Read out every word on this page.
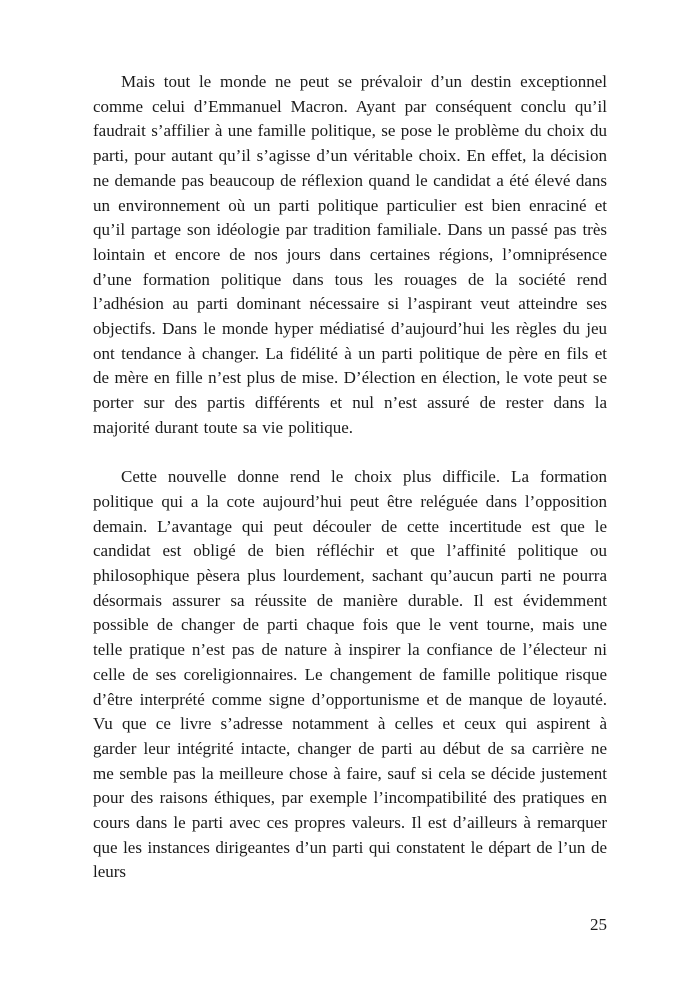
Mais tout le monde ne peut se prévaloir d’un destin exceptionnel comme celui d’Emmanuel Macron. Ayant par conséquent conclu qu’il faudrait s’affilier à une famille politique, se pose le problème du choix du parti, pour autant qu’il s’agisse d’un véritable choix. En effet, la décision ne demande pas beaucoup de réflexion quand le candidat a été élevé dans un environnement où un parti politique particulier est bien enraciné et qu’il partage son idéologie par tradition familiale. Dans un passé pas très lointain et encore de nos jours dans certaines régions, l’omniprésence d’une formation politique dans tous les rouages de la société rend l’adhésion au parti dominant nécessaire si l’aspirant veut atteindre ses objectifs. Dans le monde hyper médiatisé d’aujourd’hui les règles du jeu ont tendance à changer. La fidélité à un parti politique de père en fils et de mère en fille n’est plus de mise. D’élection en élection, le vote peut se porter sur des partis différents et nul n’est assuré de rester dans la majorité durant toute sa vie politique.

Cette nouvelle donne rend le choix plus difficile. La formation politique qui a la cote aujourd’hui peut être reléguée dans l’opposition demain. L’avantage qui peut découler de cette incertitude est que le candidat est obligé de bien réfléchir et que l’affinité politique ou philosophique pèsera plus lourdement, sachant qu’aucun parti ne pourra désormais assurer sa réussite de manière durable. Il est évidemment possible de changer de parti chaque fois que le vent tourne, mais une telle pratique n’est pas de nature à inspirer la confiance de l’électeur ni celle de ses coreligionnaires. Le changement de famille politique risque d’être interprété comme signe d’opportunisme et de manque de loyauté. Vu que ce livre s’adresse notamment à celles et ceux qui aspirent à garder leur intégrité intacte, changer de parti au début de sa carrière ne me semble pas la meilleure chose à faire, sauf si cela se décide justement pour des raisons éthiques, par exemple l’incompatibilité des pratiques en cours dans le parti avec ces propres valeurs. Il est d’ailleurs à remarquer que les instances dirigeantes d’un parti qui constatent le départ de l’un de leurs

25
